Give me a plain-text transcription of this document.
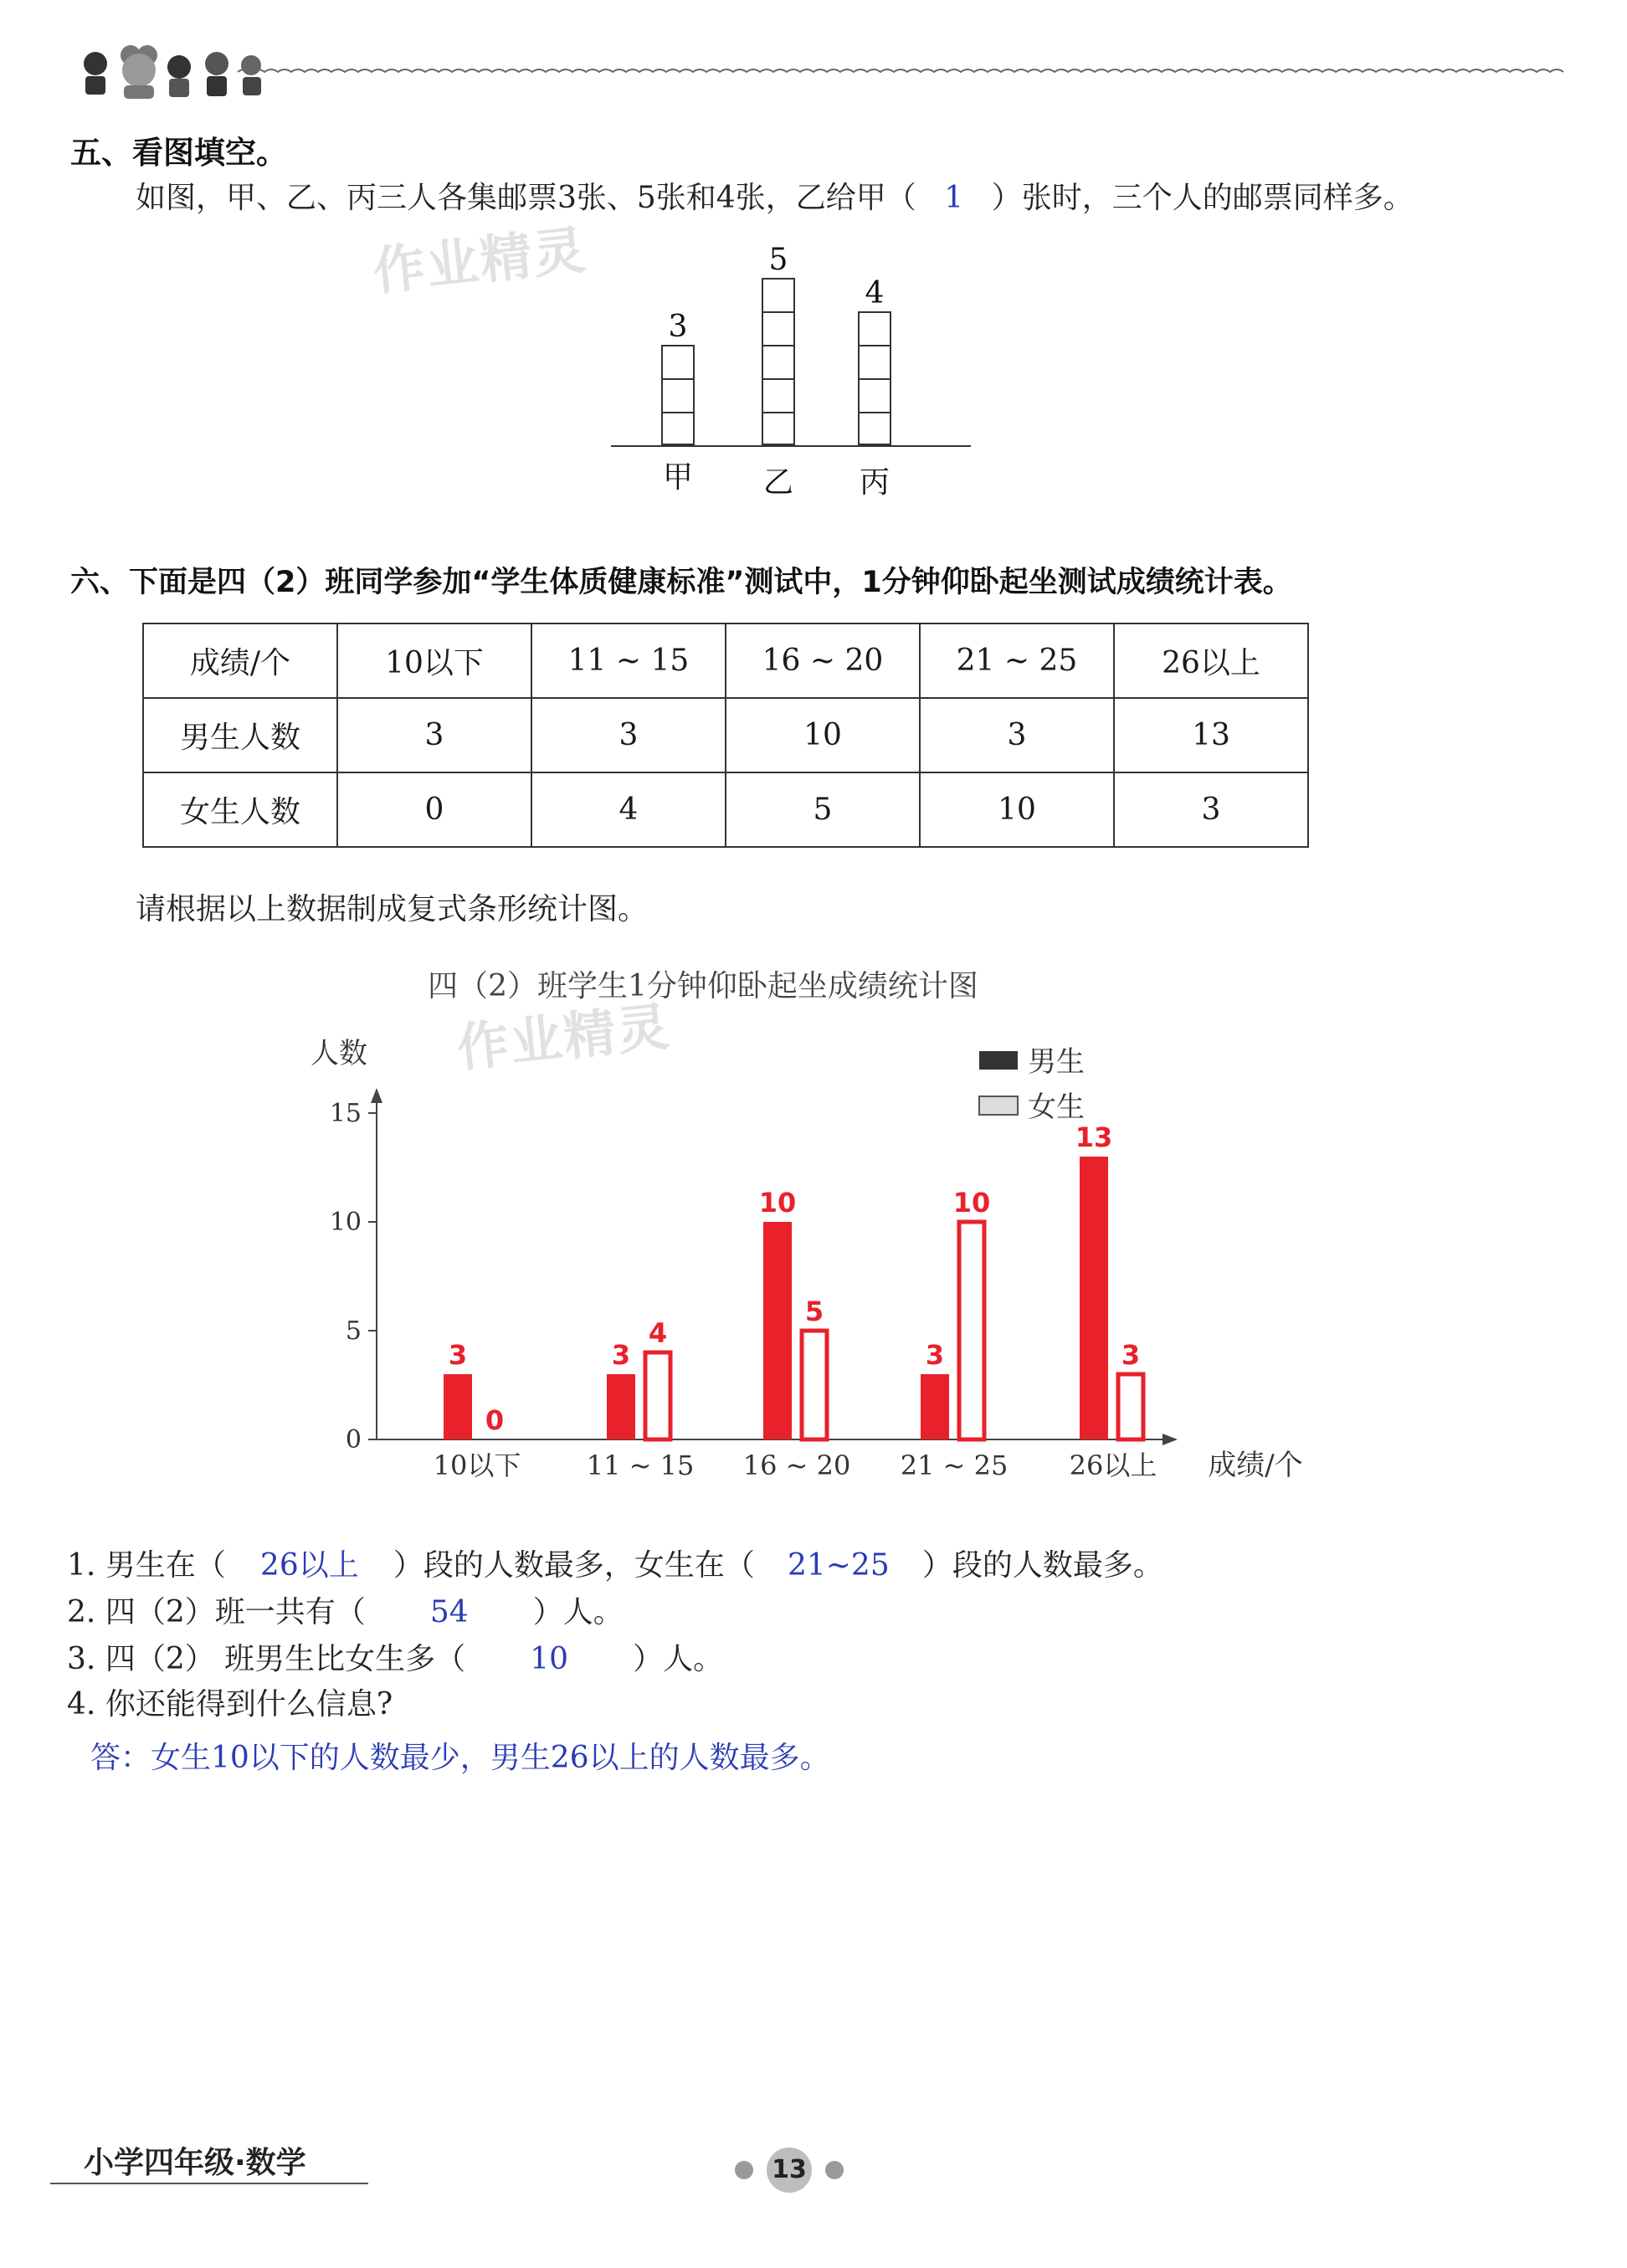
五、看图填空。
如图，甲、乙、丙三人各集邮票3张、5张和4张，乙给甲（ 1 ）张时，三个人的邮票同样多。
作业精灵
3
甲
5
乙
4
丙
六、下面是四（2）班同学参加“学生体质健康标准”测试中，1分钟仰卧起坐测试成绩统计表。
成绩/个	10以下	11 ~ 15	16 ~ 20	21 ~ 25	26以上
男生人数	3	3	10	3	13
女生人数	0	4	5	10	3
请根据以上数据制成复式条形统计图。
作业精灵
四（2）班学生1分钟仰卧起坐成绩统计图
人数
成绩/个
0
5
10
15
10以下
3
0
11 ~ 15
3
4
16 ~ 20
10
5
21 ~ 25
3
10
26以上
13
3
男生
女生
1. 男生在（ 26以上 ）段的人数最多，女生在（ 21~25 ）段的人数最多。
2. 四（2）班一共有（ 54 ）人。
3. 四（2） 班男生比女生多（ 10 ）人。
4. 你还能得到什么信息?
答：女生10以下的人数最少，男生26以上的人数最多。
小学四年级·数学	13
